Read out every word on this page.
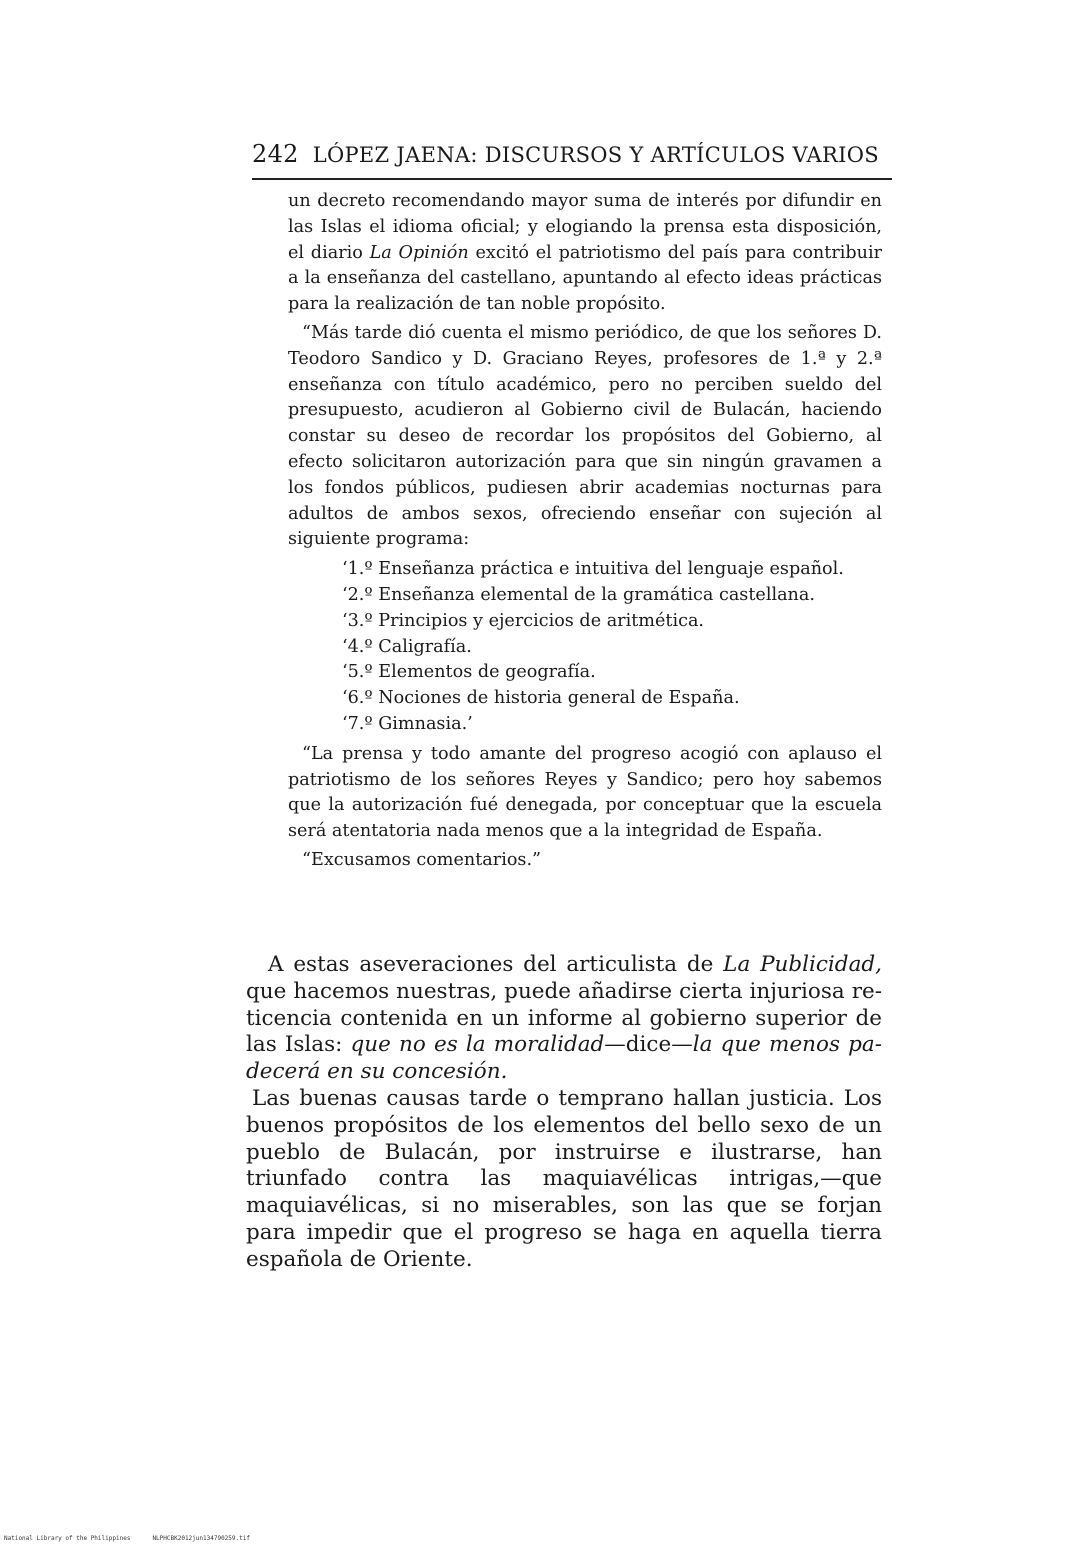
242 LÓPEZ JAENA: DISCURSOS Y ARTÍCULOS VARIOS

un decreto recomendando mayor suma de interés por difundir en las Islas el idioma oficial; y elogiando la prensa esta disposición, el diario La Opinión excitó el patriotismo del país para contribuir a la enseñanza del castellano, apuntando al efecto ideas prácticas para la realización de tan noble propósito.

“Más tarde dió cuenta el mismo periódico, de que los señores D. Teodoro Sandico y D. Graciano Reyes, profesores de 1.ª y 2.ª enseñanza con título académico, pero no perciben sueldo del presupuesto, acudieron al Gobierno civil de Bulacán, haciendo constar su deseo de recordar los propósitos del Gobierno, al efecto solicitaron autorización para que sin ningún gravamen a los fondos públicos, pudiesen abrir academias nocturnas para adultos de ambos sexos, ofreciendo enseñar con sujeción al siguiente programa:

‘1.º Enseñanza práctica e intuitiva del lenguaje español.
‘2.º Enseñanza elemental de la gramática castellana.
‘3.º Principios y ejercicios de aritmética.
‘4.º Caligrafía.
‘5.º Elementos de geografía.
‘6.º Nociones de historia general de España.
‘7.º Gimnasia.’

“La prensa y todo amante del progreso acogió con aplauso el patriotismo de los señores Reyes y Sandico; pero hoy sabemos que la autorización fué denegada, por conceptuar que la escuela será atentatoria nada menos que a la integridad de España.

“Excusamos comentarios.”

A estas aseveraciones del articulista de La Publicidad, que hacemos nuestras, puede añadirse cierta injuriosa reticencia contenida en un informe al gobierno superior de las Islas: que no es la moralidad—dice—la que menos padecerá en su concesión.

Las buenas causas tarde o temprano hallan justicia. Los buenos propósitos de los elementos del bello sexo de un pueblo de Bulacán, por instruirse e ilustrarse, han triunfado contra las maquiavélicas intrigas,—que maquiavélicas, si no miserables, son las que se forjan para impedir que el progreso se haga en aquella tierra española de Oriente.

National Library of the Philippines	NLPHCBK2012jun134790259.tif
